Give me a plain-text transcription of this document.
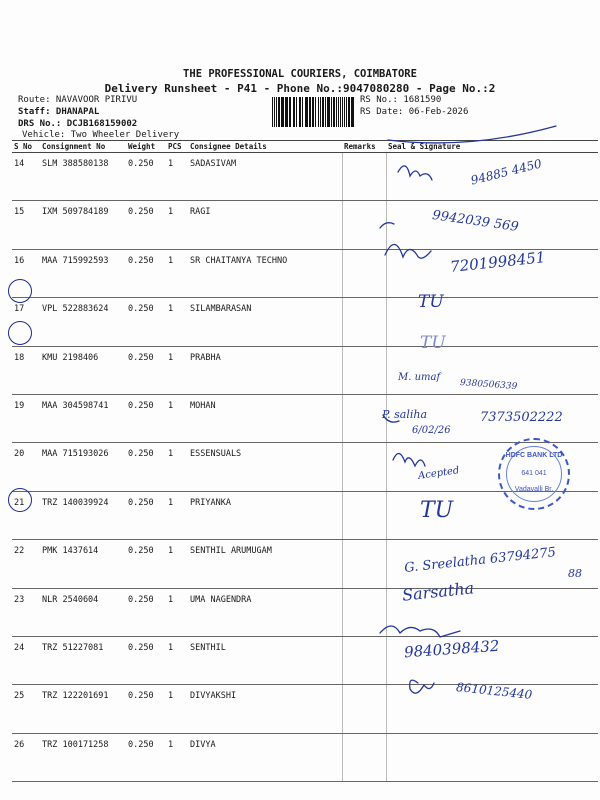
THE PROFESSIONAL COURIERS, COIMBATORE
Delivery Runsheet - P41 - Phone No.:9047080280 - Page No.:2
Route: NAVAVOOR PIRIVU
Staff: DHANAPAL
DRS No.: DCJB168159002
Vehicle: Two Wheeler Delivery
RS No.: 1681590
RS Date: 06-Feb-2026
S No	Consignment No	Weight	PCS	Consignee Details	Remarks	Seal & Signature
14	SLM 388580138	0.250	1	SADASIVAM		
15	IXM 509784189	0.250	1	RAGI		
16	MAA 715992593	0.250	1	SR CHAITANYA TECHNO		
17	VPL 522883624	0.250	1	SILAMBARASAN		
18	KMU 2198406	0.250	1	PRABHA		
19	MAA 304598741	0.250	1	MOHAN		
20	MAA 715193026	0.250	1	ESSENSUALS		
21	TRZ 140039924	0.250	1	PRIYANKA		
22	PMK 1437614	0.250	1	SENTHIL ARUMUGAM		
23	NLR 2540604	0.250	1	UMA NAGENDRA		
24	TRZ 51227081	0.250	1	SENTHIL		
25	TRZ 122201691	0.250	1	DIVYAKSHI		
26	TRZ 100171258	0.250	1	DIVYA		
94885 4450
9942039 569
7201998451
TU
TU
M. umaf
9380506339
P. saliha
6/02/26
7373502222
Acepted
TU
G. Sreelatha 63794275 88
Sarsatha
9840398432
8610125440
HDFC BANK LTD
641 041
Vadavalli Br.
